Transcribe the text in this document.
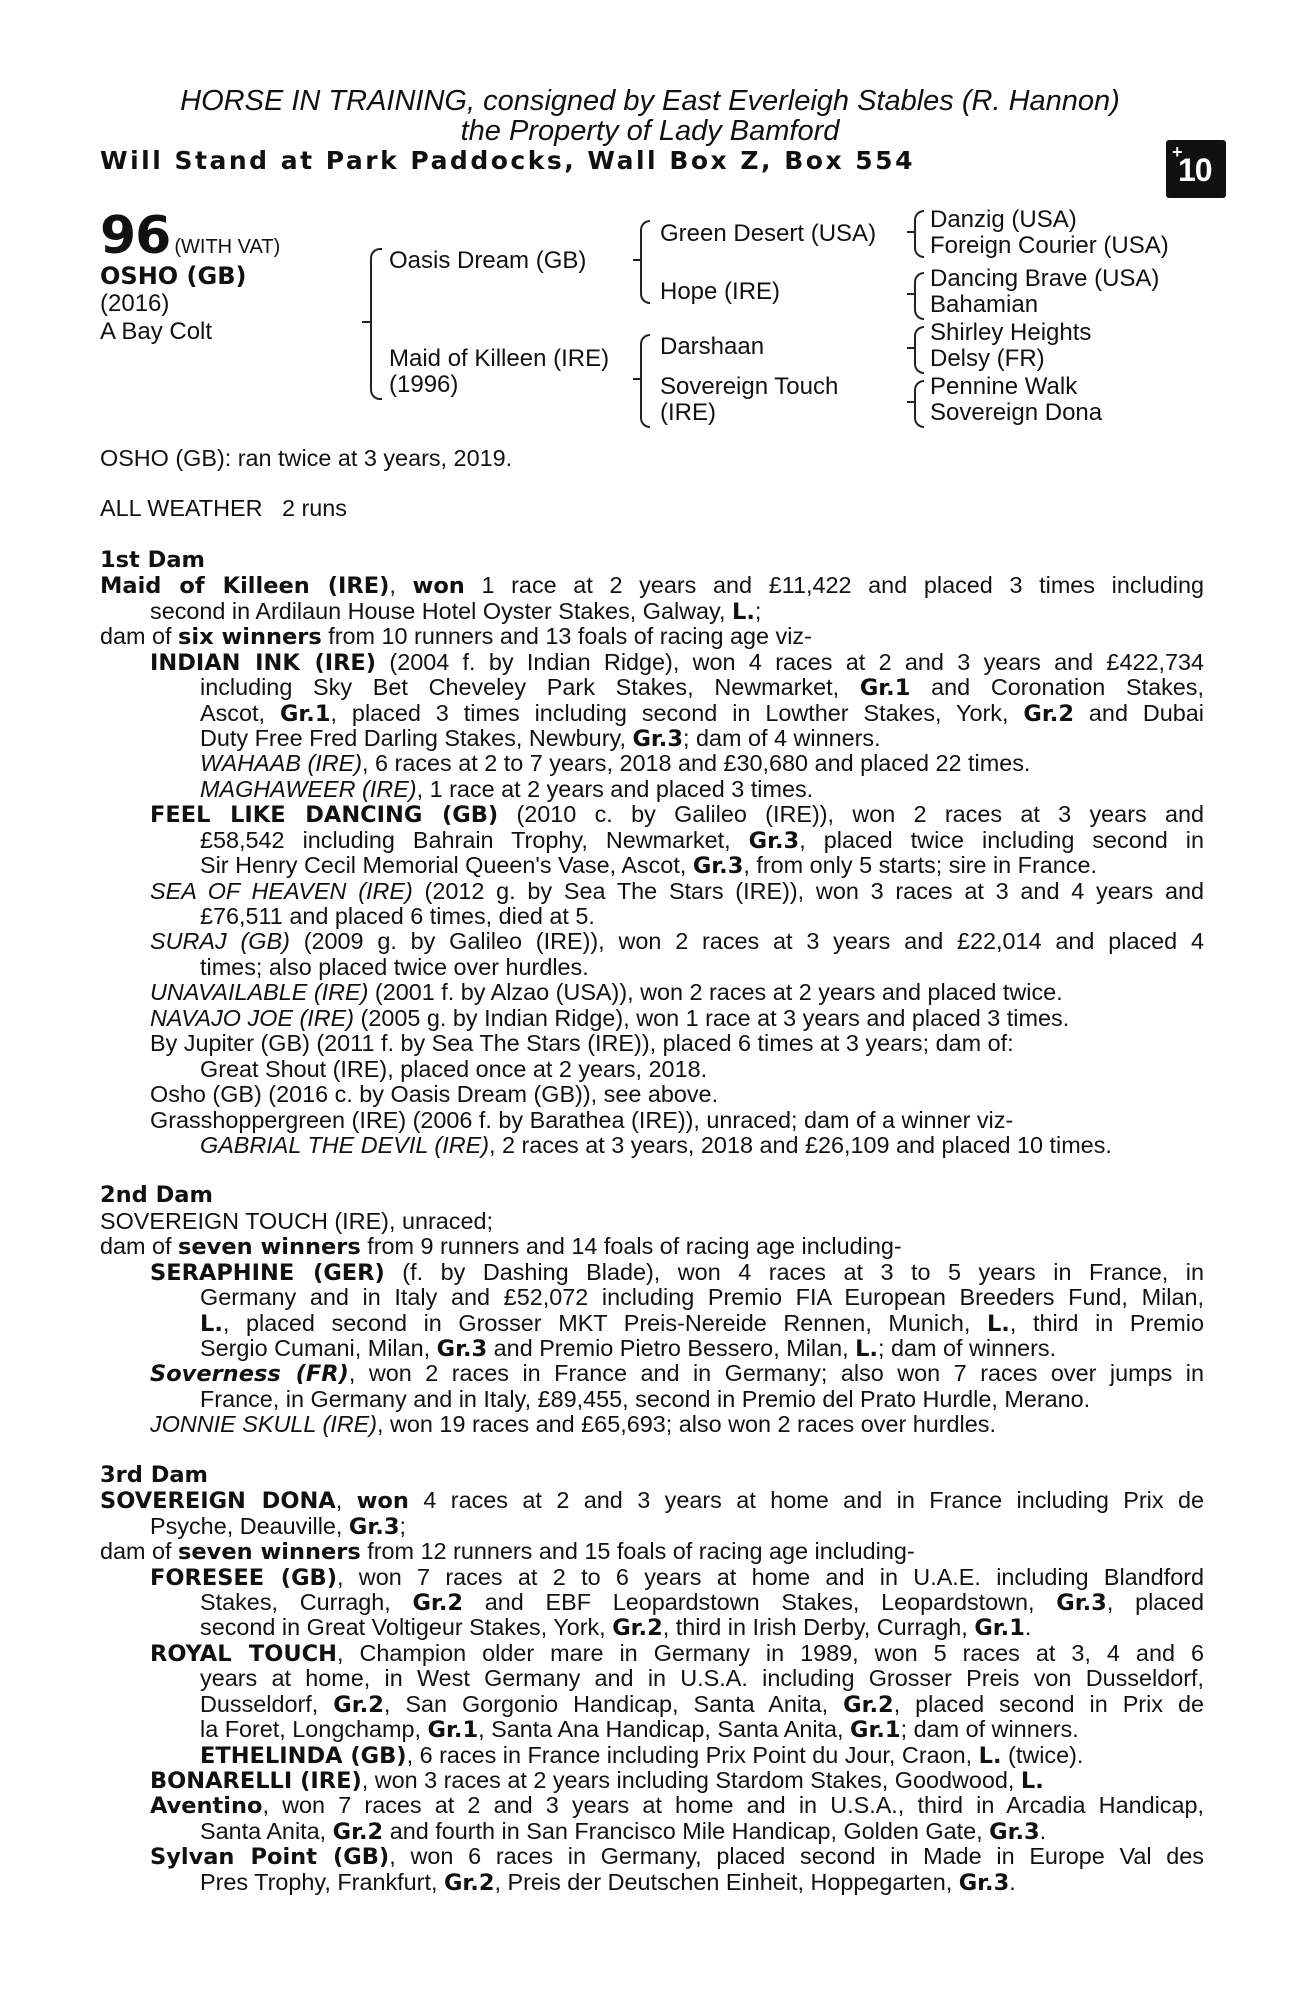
HORSE IN TRAINING, consigned by East Everleigh Stables (R. Hannon)
the Property of Lady Bamford
Will Stand at Park Paddocks, Wall Box Z, Box 554	+
10
96 (WITH VAT)
OSHO (GB)
(2016)
A Bay Colt
Oasis Dream (GB)
Maid of Killeen (IRE)
(1996)
Green Desert (USA)
Hope (IRE)
Darshaan
Sovereign Touch
(IRE)
Danzig (USA)
Foreign Courier (USA)
Dancing Brave (USA)
Bahamian
Shirley Heights
Delsy (FR)
Pennine Walk
Sovereign Dona
OSHO (GB): ran twice at 3 years, 2019.
ALL WEATHER 2 runs
1st Dam
Maid of Killeen (IRE), won 1 race at 2 years and £11,422 and placed 3 times including
second in Ardilaun House Hotel Oyster Stakes, Galway, L.;
dam of six winners from 10 runners and 13 foals of racing age viz-
INDIAN INK (IRE) (2004 f. by Indian Ridge), won 4 races at 2 and 3 years and £422,734
including Sky Bet Cheveley Park Stakes, Newmarket, Gr.1 and Coronation Stakes,
Ascot, Gr.1, placed 3 times including second in Lowther Stakes, York, Gr.2 and Dubai
Duty Free Fred Darling Stakes, Newbury, Gr.3; dam of 4 winners.
WAHAAB (IRE), 6 races at 2 to 7 years, 2018 and £30,680 and placed 22 times.
MAGHAWEER (IRE), 1 race at 2 years and placed 3 times.
FEEL LIKE DANCING (GB) (2010 c. by Galileo (IRE)), won 2 races at 3 years and
£58,542 including Bahrain Trophy, Newmarket, Gr.3, placed twice including second in
Sir Henry Cecil Memorial Queen's Vase, Ascot, Gr.3, from only 5 starts; sire in France.
SEA OF HEAVEN (IRE) (2012 g. by Sea The Stars (IRE)), won 3 races at 3 and 4 years and
£76,511 and placed 6 times, died at 5.
SURAJ (GB) (2009 g. by Galileo (IRE)), won 2 races at 3 years and £22,014 and placed 4
times; also placed twice over hurdles.
UNAVAILABLE (IRE) (2001 f. by Alzao (USA)), won 2 races at 2 years and placed twice.
NAVAJO JOE (IRE) (2005 g. by Indian Ridge), won 1 race at 3 years and placed 3 times.
By Jupiter (GB) (2011 f. by Sea The Stars (IRE)), placed 6 times at 3 years; dam of:
Great Shout (IRE), placed once at 2 years, 2018.
Osho (GB) (2016 c. by Oasis Dream (GB)), see above.
Grasshoppergreen (IRE) (2006 f. by Barathea (IRE)), unraced; dam of a winner viz-
GABRIAL THE DEVIL (IRE), 2 races at 3 years, 2018 and £26,109 and placed 10 times.
2nd Dam
SOVEREIGN TOUCH (IRE), unraced;
dam of seven winners from 9 runners and 14 foals of racing age including-
SERAPHINE (GER) (f. by Dashing Blade), won 4 races at 3 to 5 years in France, in
Germany and in Italy and £52,072 including Premio FIA European Breeders Fund, Milan,
L., placed second in Grosser MKT Preis-Nereide Rennen, Munich, L., third in Premio
Sergio Cumani, Milan, Gr.3 and Premio Pietro Bessero, Milan, L.; dam of winners.
Soverness (FR), won 2 races in France and in Germany; also won 7 races over jumps in
France, in Germany and in Italy, £89,455, second in Premio del Prato Hurdle, Merano.
JONNIE SKULL (IRE), won 19 races and £65,693; also won 2 races over hurdles.
3rd Dam
SOVEREIGN DONA, won 4 races at 2 and 3 years at home and in France including Prix de
Psyche, Deauville, Gr.3;
dam of seven winners from 12 runners and 15 foals of racing age including-
FORESEE (GB), won 7 races at 2 to 6 years at home and in U.A.E. including Blandford
Stakes, Curragh, Gr.2 and EBF Leopardstown Stakes, Leopardstown, Gr.3, placed
second in Great Voltigeur Stakes, York, Gr.2, third in Irish Derby, Curragh, Gr.1.
ROYAL TOUCH, Champion older mare in Germany in 1989, won 5 races at 3, 4 and 6
years at home, in West Germany and in U.S.A. including Grosser Preis von Dusseldorf,
Dusseldorf, Gr.2, San Gorgonio Handicap, Santa Anita, Gr.2, placed second in Prix de
la Foret, Longchamp, Gr.1, Santa Ana Handicap, Santa Anita, Gr.1; dam of winners.
ETHELINDA (GB), 6 races in France including Prix Point du Jour, Craon, L. (twice).
BONARELLI (IRE), won 3 races at 2 years including Stardom Stakes, Goodwood, L.
Aventino, won 7 races at 2 and 3 years at home and in U.S.A., third in Arcadia Handicap,
Santa Anita, Gr.2 and fourth in San Francisco Mile Handicap, Golden Gate, Gr.3.
Sylvan Point (GB), won 6 races in Germany, placed second in Made in Europe Val des
Pres Trophy, Frankfurt, Gr.2, Preis der Deutschen Einheit, Hoppegarten, Gr.3.
